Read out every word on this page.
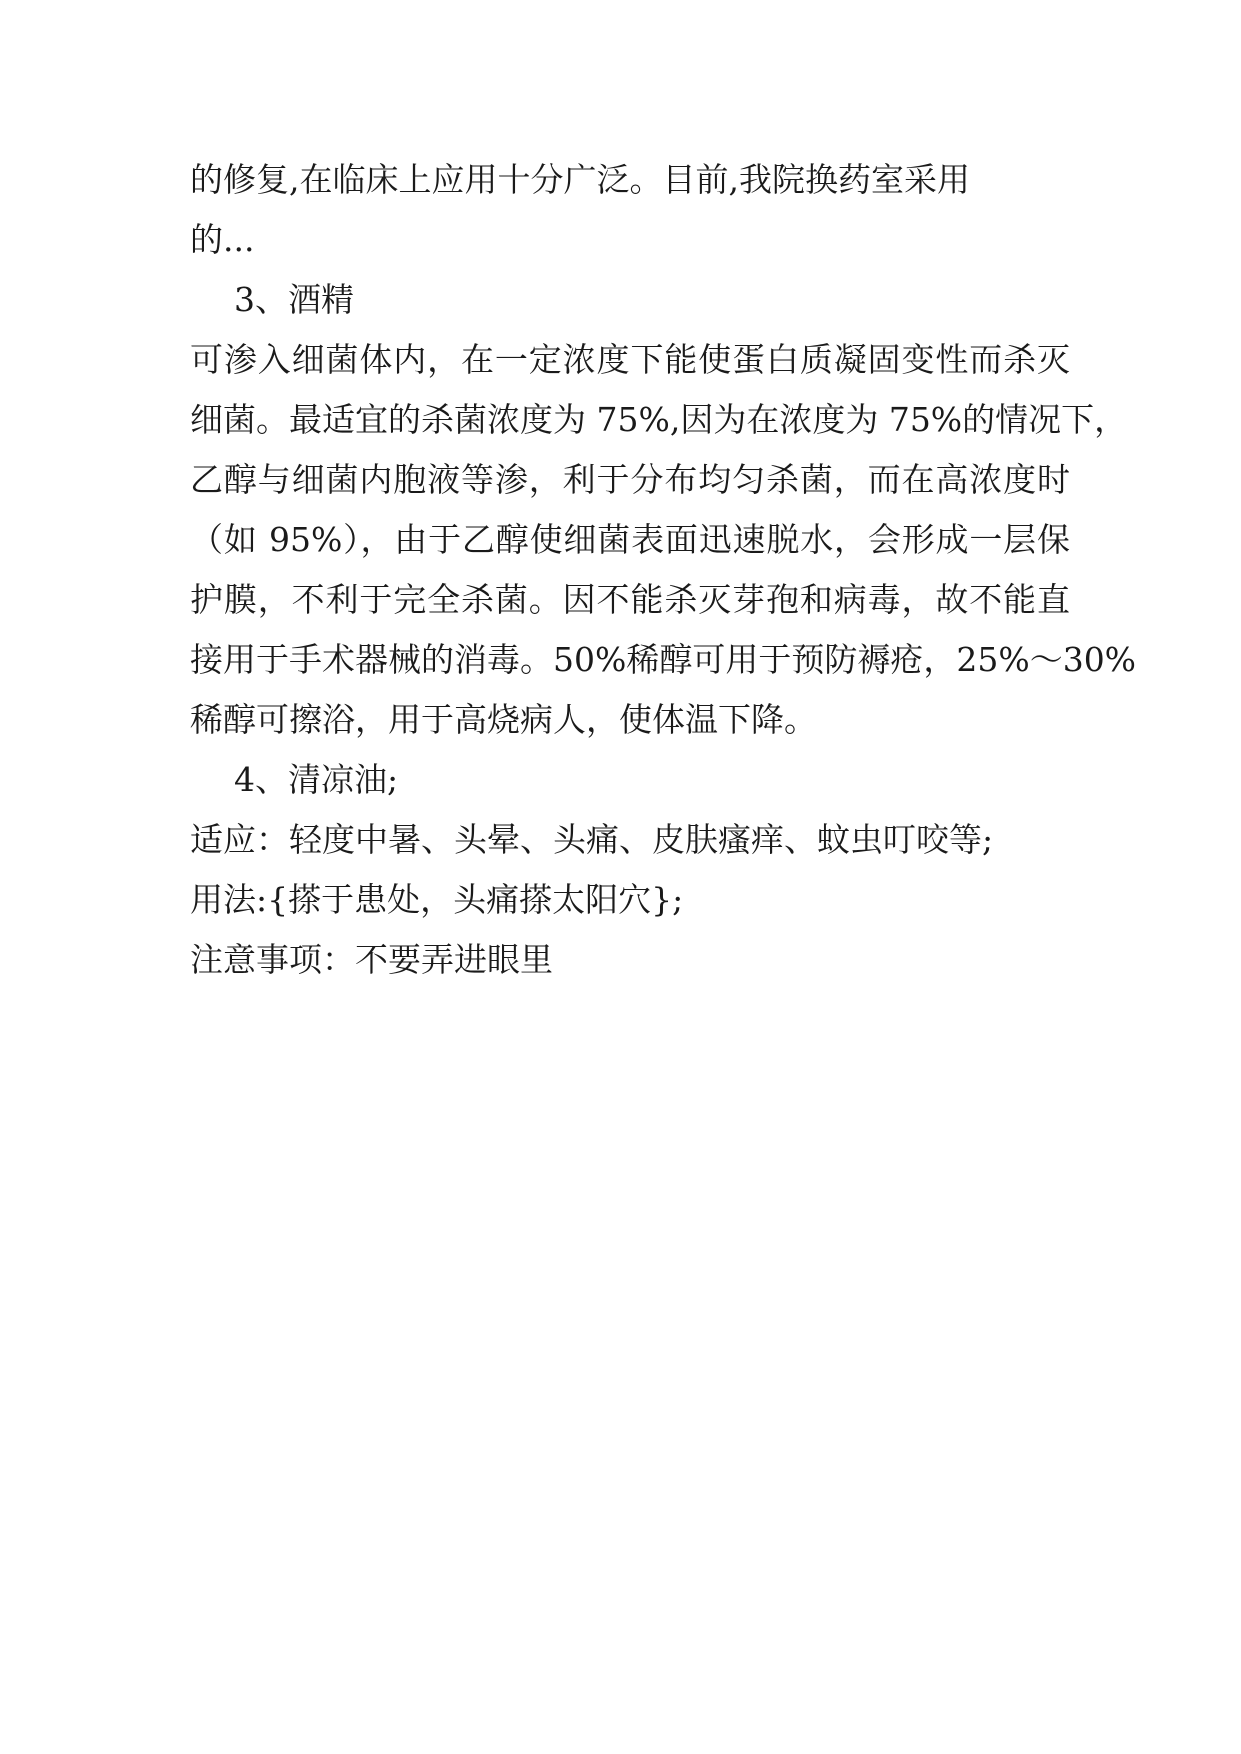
的修复,在临床上应用十分广泛。目前,我院换药室采用
的...
3、酒精
可渗入细菌体内，在一定浓度下能使蛋白质凝固变性而杀灭
细菌。最适宜的杀菌浓度为 75%,因为在浓度为 75%的情况下，
乙醇与细菌内胞液等渗，利于分布均匀杀菌，而在高浓度时
（如 95%），由于乙醇使细菌表面迅速脱水，会形成一层保
护膜，不利于完全杀菌。因不能杀灭芽孢和病毒，故不能直
接用于手术器械的消毒。50%稀醇可用于预防褥疮，25%～30%
稀醇可擦浴，用于高烧病人，使体温下降。
4、清凉油;
适应：轻度中暑、头晕、头痛、皮肤瘙痒、蚊虫叮咬等;
用法:{搽于患处，头痛搽太阳穴};
注意事项：不要弄进眼里
